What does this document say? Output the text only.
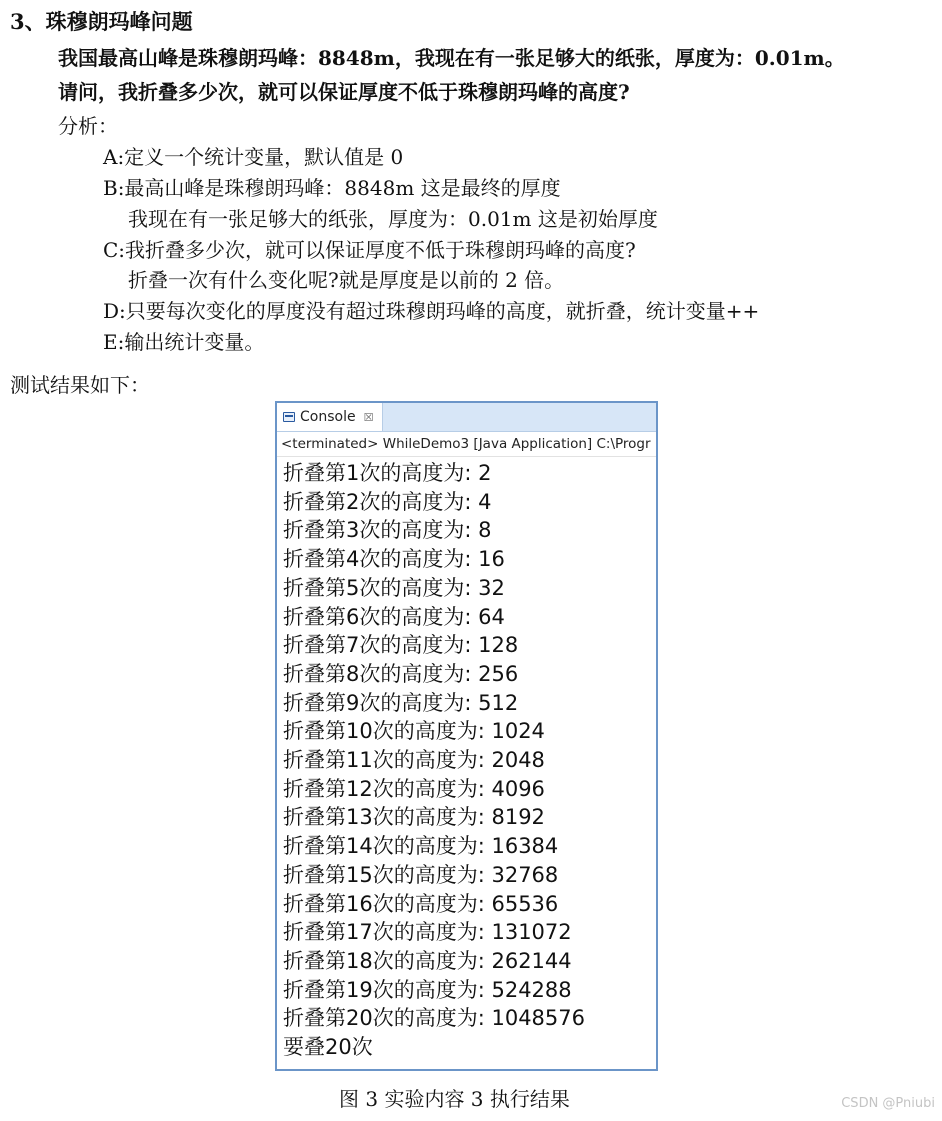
3、珠穆朗玛峰问题
我国最高山峰是珠穆朗玛峰：8848m，我现在有一张足够大的纸张，厚度为：0.01m。
请问，我折叠多少次，就可以保证厚度不低于珠穆朗玛峰的高度?
分析：
A:定义一个统计变量，默认值是 0
B:最高山峰是珠穆朗玛峰：8848m 这是最终的厚度
我现在有一张足够大的纸张，厚度为：0.01m 这是初始厚度
C:我折叠多少次，就可以保证厚度不低于珠穆朗玛峰的高度?
折叠一次有什么变化呢?就是厚度是以前的 2 倍。
D:只要每次变化的厚度没有超过珠穆朗玛峰的高度，就折叠，统计变量++
E:输出统计变量。
测试结果如下：
Console ☒
<terminated> WhileDemo3 [Java Application] C:\Progr
折叠第1次的高度为: 2
折叠第2次的高度为: 4
折叠第3次的高度为: 8
折叠第4次的高度为: 16
折叠第5次的高度为: 32
折叠第6次的高度为: 64
折叠第7次的高度为: 128
折叠第8次的高度为: 256
折叠第9次的高度为: 512
折叠第10次的高度为: 1024
折叠第11次的高度为: 2048
折叠第12次的高度为: 4096
折叠第13次的高度为: 8192
折叠第14次的高度为: 16384
折叠第15次的高度为: 32768
折叠第16次的高度为: 65536
折叠第17次的高度为: 131072
折叠第18次的高度为: 262144
折叠第19次的高度为: 524288
折叠第20次的高度为: 1048576
要叠20次
图 3 实验内容 3 执行结果	CSDN @Pniubi
